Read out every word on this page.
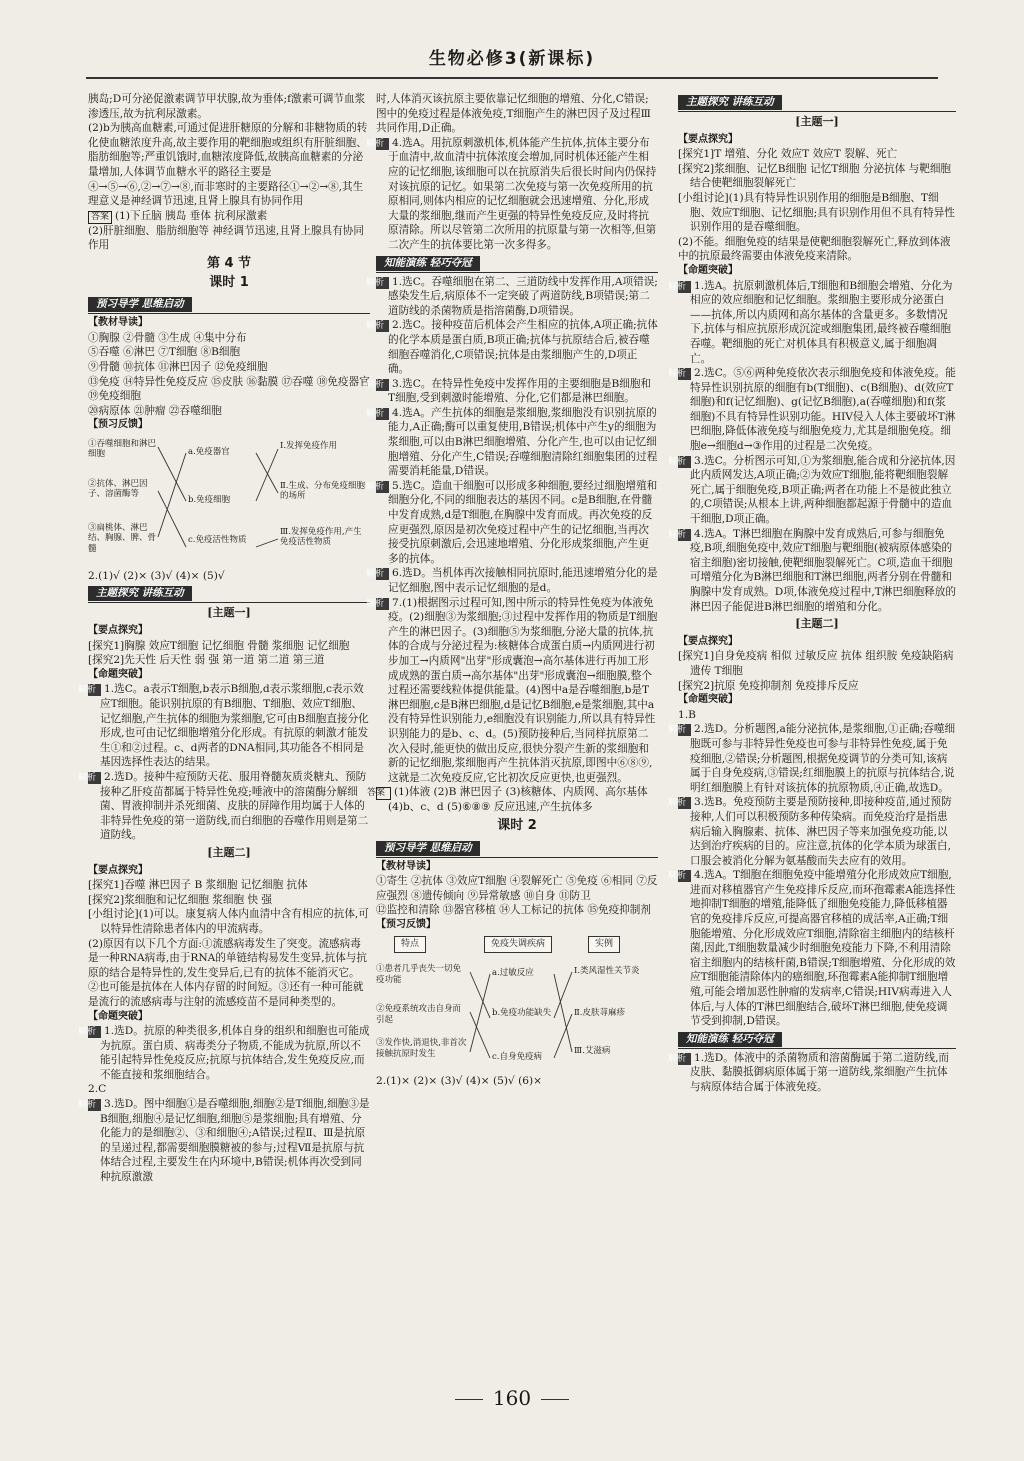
生物必修3(新课标)

胰岛;D可分泌促激素调节甲状腺,故为垂体;f激素可调节血浆渗透压,故为抗利尿激素。

(2)b为胰高血糖素,可通过促进肝糖原的分解和非糖物质的转化使血糖浓度升高,故主要作用的靶细胞或组织有肝脏细胞、脂肪细胞等;严重饥饿时,血糖浓度降低,故胰高血糖素的分泌量增加,人体调节血糖水平的路径主要是④→⑤→⑥,②→⑦→⑧,而非寒时的主要路径①→②→⑧,其生理意义是神经调节迅速,且肾上腺具有协同作用

答案 (1)下丘脑 胰岛 垂体 抗利尿激素

(2)肝脏细胞、脂肪细胞等 神经调节迅速,且肾上腺具有协同作用

第 4 节
课时 1
预习导学 思维启动
【教材导读】

①胸腺 ②骨髓 ③生成 ④集中分布

⑤吞噬 ⑥淋巴 ⑦T细胞 ⑧B细胞

⑨骨髓 ⑩抗体 ⑪淋巴因子 ⑫免疫细胞

⑬免疫 ⑭特异性免疫反应 ⑮皮肤 ⑯黏膜 ⑰吞噬 ⑱免疫器官 ⑲免疫细胞

⑳病原体 ㉑肿瘤 ㉒吞噬细胞

【预习反馈】
①吞噬细胞和淋巴细胞
②抗体、淋巴因子、溶菌酶等
③扁桃体、淋巴结、胸腺、脾、骨髓
a.免疫器官
b.免疫细胞
c.免疫活性物质
Ⅰ.发挥免疫作用
Ⅱ.生成、分布免疫细胞的场所
Ⅲ.发挥免疫作用,产生免疫活性物质

2.(1)√ (2)× (3)√ (4)× (5)√

主题探究 讲练互动
[主题一]
【要点探究】

[探究1]胸腺 效应T细胞 记忆细胞 骨髓 浆细胞 记忆细胞

[探究2]先天性 后天性 弱 强 第一道 第二道 第三道

【命题突破】

解析 1.选C。a表示T细胞,b表示B细胞,d表示浆细胞,c表示效应T细胞。能识别抗原的有B细胞、T细胞、效应T细胞、记忆细胞,产生抗体的细胞为浆细胞,它可由B细胞直接分化形成,也可由记忆细胞增殖分化形成。有抗原的刺激才能发生①和②过程。c、d两者的DNA相同,其功能各不相同是基因选择性表达的结果。

解析 2.选D。接种牛痘预防天花、服用脊髓灰质炎糖丸、预防接种乙肝疫苗都属于特异性免疫;唾液中的溶菌酶分解细菌、胃液抑制并杀死细菌、皮肤的屏障作用均属于人体的非特异性免疫的第一道防线,而白细胞的吞噬作用则是第二道防线。

[主题二]
【要点探究】

[探究1]吞噬 淋巴因子 B 浆细胞 记忆细胞 抗体

[探究2]浆细胞和记忆细胞 浆细胞 快 强

[小组讨论](1)可以。康复病人体内血清中含有相应的抗体,可以特异性清除患者体内的甲流病毒。

(2)原因有以下几个方面:①流感病毒发生了突变。流感病毒是一种RNA病毒,由于RNA的单链结构易发生变异,抗体与抗原的结合是特异性的,发生变异后,已有的抗体不能消灭它。②也可能是抗体在人体内存留的时间短。③还有一种可能就是流行的流感病毒与注射的流感疫苗不是同种类型的。

【命题突破】

解析 1.选D。抗原的种类很多,机体自身的组织和细胞也可能成为抗原。蛋白质、病毒类分子物质,不能成为抗原,所以不能引起特异性免疫反应;抗原与抗体结合,发生免疫反应,而不能直接和浆细胞结合。

2.C

解析 3.选D。图中细胞①是吞噬细胞,细胞②是T细胞,细胞③是B细胞,细胞④是记忆细胞,细胞⑤是浆细胞;具有增殖、分化能力的是细胞②、③和细胞④;A错误;过程Ⅱ、Ⅲ是抗原的呈递过程,都需要细胞膜糖被的参与;过程Ⅶ是抗原与抗体结合过程,主要发生在内环境中,B错误;机体再次受到同种抗原激激

时,人体消灭该抗原主要依靠记忆细胞的增殖、分化,C错误;图中的免疫过程是体液免疫,T细胞产生的淋巴因子及过程Ⅲ共同作用,D正确。

解析 4.选A。用抗原刺激机体,机体能产生抗体,抗体主要分布于血清中,故血清中抗体浓度会增加,同时机体还能产生相应的记忆细胞,该细胞可以在抗原消失后很长时间内仍保持对该抗原的记忆。如果第二次免疫与第一次免疫所用的抗原相同,则体内相应的记忆细胞就会迅速增殖、分化,形成大量的浆细胞,继而产生更强的特异性免疫反应,及时将抗原清除。所以尽管第二次所用的抗原量与第一次相等,但第二次产生的抗体要比第一次多得多。

知能演练 轻巧夺冠

解析 1.选C。吞噬细胞在第二、三道防线中发挥作用,A项错误;感染发生后,病原体不一定突破了两道防线,B项错误;第二道防线的杀菌物质是指溶菌酶,D项错误。

解析 2.选C。接种疫苗后机体会产生相应的抗体,A项正确;抗体的化学本质是蛋白质,B项正确;抗体与抗原结合后,被吞噬细胞吞噬消化,C项错误;抗体是由浆细胞产生的,D项正确。

解析 3.选C。在特异性免疫中发挥作用的主要细胞是B细胞和T细胞,受到刺激时能增殖、分化,它们都是淋巴细胞。

解析 4.选A。产生抗体的细胞是浆细胞,浆细胞没有识别抗原的能力,A正确;酶可以重复使用,B错误;机体中产生y的细胞为浆细胞,可以由B淋巴细胞增殖、分化产生,也可以由记忆细胞增殖、分化产生,C错误;吞噬细胞清除红细胞集团的过程需要消耗能量,D错误。

解析 5.选C。造血干细胞可以形成多种细胞,要经过细胞增殖和细胞分化,不同的细胞表达的基因不同。c是B细胞,在骨髓中发育成熟,d是T细胞,在胸腺中发育而成。再次免疫的反应更强烈,原因是初次免疫过程中产生的记忆细胞,当再次接受抗原刺激后,会迅速地增殖、分化形成浆细胞,产生更多的抗体。

解析 6.选D。当机体再次接触相同抗原时,能迅速增殖分化的是记忆细胞,图中表示记忆细胞的是d。

解析 7.(1)根据图示过程可知,图中所示的特异性免疫为体液免疫。(2)细胞③为浆细胞;③过程中发挥作用的物质是T细胞产生的淋巴因子。(3)细胞⑤为浆细胞,分泌大量的抗体,抗体的合成与分泌过程为:核糖体合成蛋白质→内质网进行初步加工→内质网"出芽"形成囊泡→高尔基体进行再加工形成成熟的蛋白质→高尔基体"出芽"形成囊泡→细胞膜,整个过程还需要线粒体提供能量。(4)图中a是吞噬细胞,b是T淋巴细胞,c是B淋巴细胞,d是记忆B细胞,e是浆细胞,其中a没有特异性识别能力,e细胞没有识别能力,所以具有特异性识别能力的是b、c、d。(5)预防接种后,当同样抗原第二次入侵时,能更快的做出反应,很快分裂产生新的浆细胞和新的记忆细胞,浆细胞再产生抗体消灭抗原,即图中⑥⑧⑨,这就是二次免疫反应,它比初次反应更快,也更强烈。

答案 (1)体液 (2)B 淋巴因子 (3)核糖体、内质网、高尔基体 (4)b、c、d (5)⑥⑧⑨ 反应迅速,产生抗体多

课时 2
预习导学 思维启动
【教材导读】

①寄生 ②抗体 ③效应T细胞 ④裂解死亡 ⑤免疫 ⑥相同 ⑦反应强烈 ⑧遗传倾向 ⑨异常敏感 ⑩自身 ⑪防卫

⑫监控和清除 ⑬器官移植 ⑭人工标记的抗体 ⑮免疫抑制剂

【预习反馈】
特点	免疫失调疾病	实例
①患者几乎丧失一切免疫功能
②免疫系统攻击自身而引起
③发作快,消退快,非首次接触抗原时发生
a.过敏反应
b.免疫功能缺失
c.自身免疫病
Ⅰ.类风湿性关节炎
Ⅱ.皮肤荨麻疹
Ⅲ.艾滋病

2.(1)× (2)× (3)√ (4)× (5)√ (6)×

主题探究 讲练互动
[主题一]
【要点探究】

[探究1]T 增殖、分化 效应T 效应T 裂解、死亡

[探究2]浆细胞、记忆B细胞 记忆T细胞 分泌抗体 与靶细胞结合使靶细胞裂解死亡

[小组讨论](1)具有特异性识别作用的细胞是B细胞、T细胞、效应T细胞、记忆细胞;具有识别作用但不具有特异性识别作用的是吞噬细胞。

(2)不能。细胞免疫的结果是使靶细胞裂解死亡,释放到体液中的抗原最终需要由体液免疫来清除。

【命题突破】

解析 1.选A。抗原刺激机体后,T细胞和B细胞会增殖、分化为相应的效应细胞和记忆细胞。浆细胞主要形成分泌蛋白——抗体,所以内质网和高尔基体的含量更多。多数情况下,抗体与相应抗原形成沉淀或细胞集团,最终被吞噬细胞吞噬。靶细胞的死亡对机体具有积极意义,属于细胞凋亡。

解析 2.选C。⑤⑥两种免疫依次表示细胞免疫和体液免疫。能特异性识别抗原的细胞有b(T细胞)、c(B细胞)、d(效应T细胞)和f(记忆细胞)、g(记忆B细胞),a(吞噬细胞)和f(浆细胞)不具有特异性识别功能。HIV侵入人体主要破坏T淋巴细胞,降低体液免疫与细胞免疫力,尤其是细胞免疫。细胞e→细胞d→③作用的过程是二次免疫。

解析 3.选C。分析图示可知,①为浆细胞,能合成和分泌抗体,因此内质网发达,A项正确;②为效应T细胞,能将靶细胞裂解死亡,属于细胞免疫,B项正确;两者在功能上不是彼此独立的,C项错误;从根本上讲,两种细胞都起源于骨髓中的造血干细胞,D项正确。

解析 4.选A。T淋巴细胞在胸腺中发育成熟后,可参与细胞免疫,B项,细胞免疫中,效应T细胞与靶细胞(被病原体感染的宿主细胞)密切接触,使靶细胞裂解死亡。C项,造血干细胞可增殖分化为B淋巴细胞和T淋巴细胞,两者分别在骨髓和胸腺中发育成熟。D项,体液免疫过程中,T淋巴细胞释放的淋巴因子能促进B淋巴细胞的增殖和分化。

[主题二]
【要点探究】

[探究1]自身免疫病 相似 过敏反应 抗体 组织胺 免疫缺陷病 遗传 T细胞

[探究2]抗原 免疫抑制剂 免疫排斥反应

【命题突破】

1.B

解析 2.选D。分析题图,a能分泌抗体,是浆细胞,①正确;吞噬细胞既可参与非特异性免疫也可参与非特异性免疫,属于免疫细胞,②错误;分析题图,根据免疫调节的分类可知,该病属于自身免疫病,③错误;红细胞膜上的抗原与抗体结合,说明红细胞膜上有针对该抗体的抗原物质,④正确,故选D。

解析 3.选B。免疫预防主要是预防接种,即接种疫苗,通过预防接种,人们可以积极预防多种传染病。而免疫治疗是指患病后输入胸腺素、抗体、淋巴因子等来加强免疫功能,以达到治疗疾病的目的。应注意,抗体的化学本质为球蛋白,口服会被消化分解为氨基酸而失去应有的效用。

解析 4.选A。T细胞在细胞免疫中能增殖分化形成效应T细胞,进而对移植器官产生免疫排斥反应,而环孢霉素A能选择性地抑制T细胞的增殖,能降低了细胞免疫能力,降低移植器官的免疫排斥反应,可提高器官移植的成活率,A正确;T细胞能增殖、分化形成效应T细胞,清除宿主细胞内的结核杆菌,因此,T细胞数量减少时细胞免疫能力下降,不利用清除宿主细胞内的结核杆菌,B错误;T细胞增殖、分化形成的效应T细胞能清除体内的癌细胞,环孢霉素A能抑制T细胞增殖,可能会增加恶性肿瘤的发病率,C错误;HIV病毒进入人体后,与人体的T淋巴细胞结合,破坏T淋巴细胞,使免疫调节受到抑制,D错误。

知能演练 轻巧夺冠

解析 1.选D。体液中的杀菌物质和溶菌酶属于第二道防线,而皮肤、黏膜抵御病原体属于第一道防线,浆细胞产生抗体与病原体结合属于体液免疫。

160
